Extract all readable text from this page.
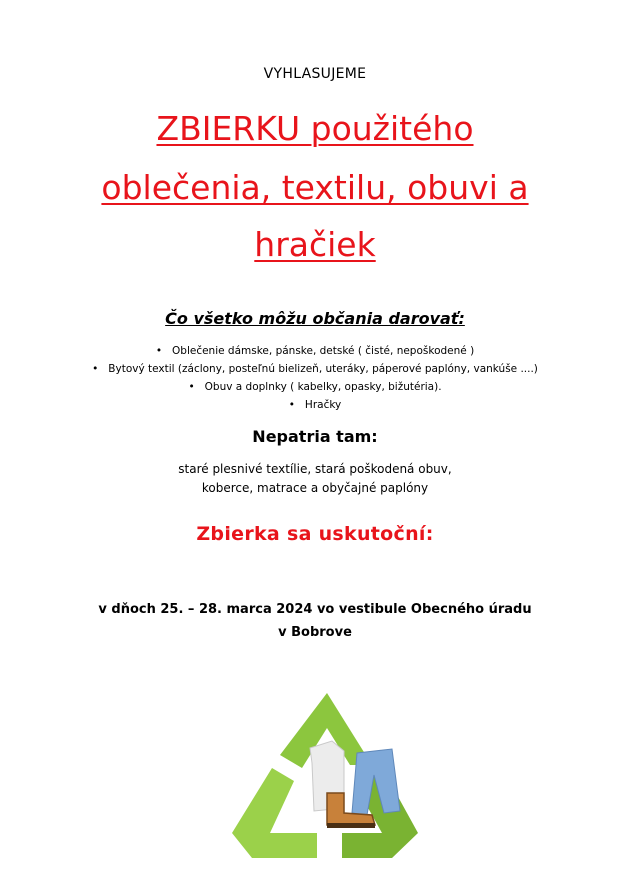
VYHLASUJEME
ZBIERKU použitého
oblečenia, textilu, obuvi a
hračiek
Čo všetko môžu občania darovať:
• Oblečenie dámske, pánske, detské ( čisté, nepoškodené )
• Bytový textil (záclony, posteľnú bielizeň, uteráky, páperové paplóny, vankúše ....)
• Obuv a doplnky ( kabelky, opasky, bižutéria).
• Hračky
Nepatria tam:
staré plesnivé textílie, stará poškodená obuv,
koberce, matrace a obyčajné paplóny
Zbierka sa uskutoční:
v dňoch 25. – 28. marca 2024 vo vestibule Obecného úradu
v Bobrove
